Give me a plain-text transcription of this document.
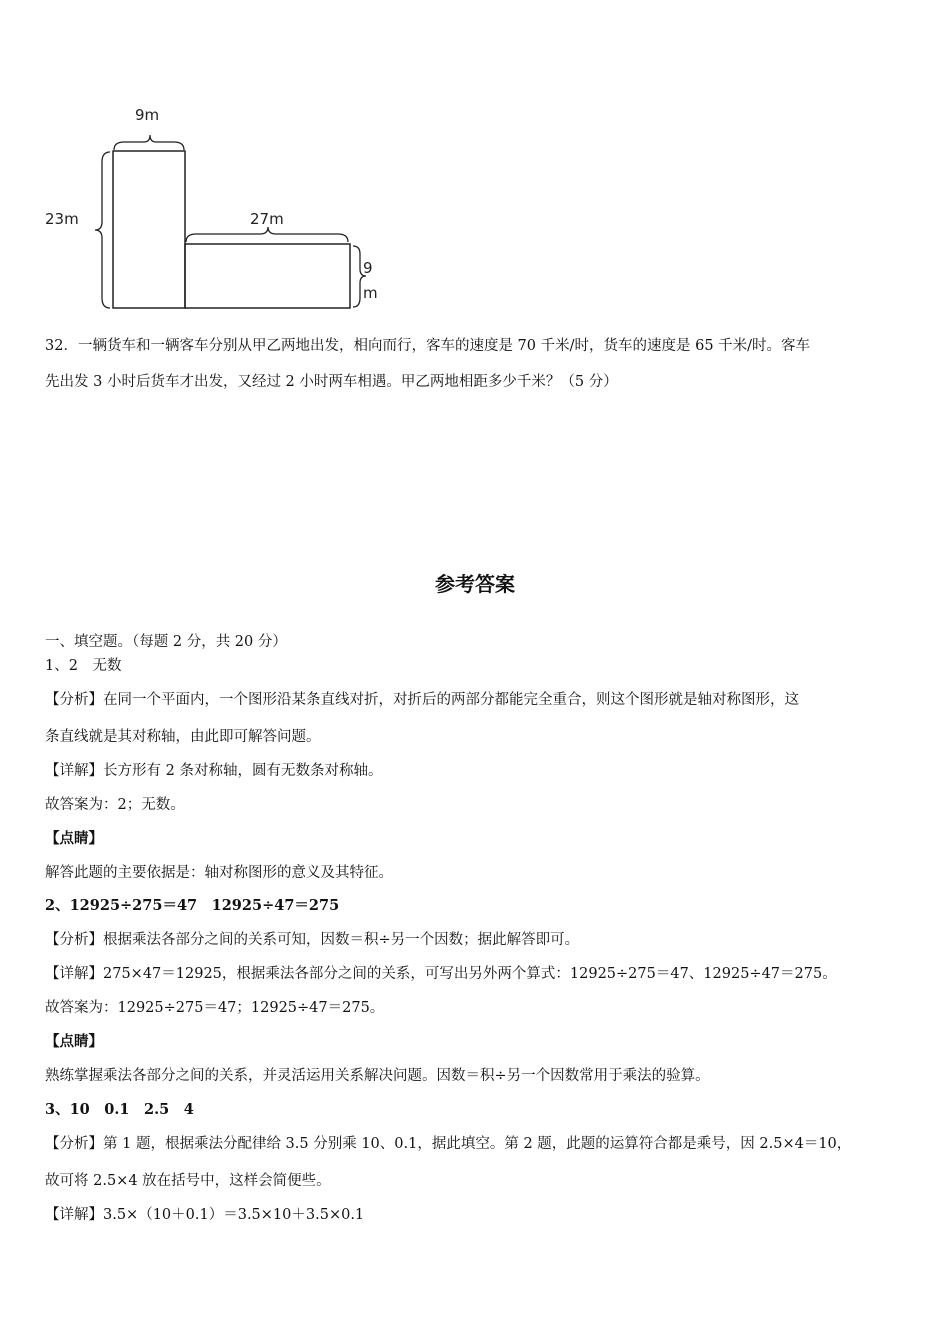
9m
23m	27m
9
m
32．一辆货车和一辆客车分别从甲乙两地出发，相向而行，客车的速度是 70 千米/时，货车的速度是 65 千米/时。客车
先出发 3 小时后货车才出发，又经过 2 小时两车相遇。甲乙两地相距多少千米？（5 分）
参考答案
一、填空题。（每题 2 分，共 20 分）
1、2　无数
【分析】在同一个平面内，一个图形沿某条直线对折，对折后的两部分都能完全重合，则这个图形就是轴对称图形，这
条直线就是其对称轴，由此即可解答问题。
【详解】长方形有 2 条对称轴，圆有无数条对称轴。
故答案为：2；无数。
【点睛】
解答此题的主要依据是：轴对称图形的意义及其特征。
2、12925÷275＝47　12925÷47＝275
【分析】根据乘法各部分之间的关系可知，因数＝积÷另一个因数；据此解答即可。
【详解】275×47＝12925，根据乘法各部分之间的关系，可写出另外两个算式：12925÷275＝47、12925÷47＝275。
故答案为：12925÷275＝47；12925÷47＝275。
【点睛】
熟练掌握乘法各部分之间的关系，并灵活运用关系解决问题。因数＝积÷另一个因数常用于乘法的验算。
3、10　0.1　2.5　4
【分析】第 1 题，根据乘法分配律给 3.5 分别乘 10、0.1，据此填空。第 2 题，此题的运算符合都是乘号，因 2.5×4＝10，
故可将 2.5×4 放在括号中，这样会简便些。
【详解】3.5×（10＋0.1）＝3.5×10＋3.5×0.1
